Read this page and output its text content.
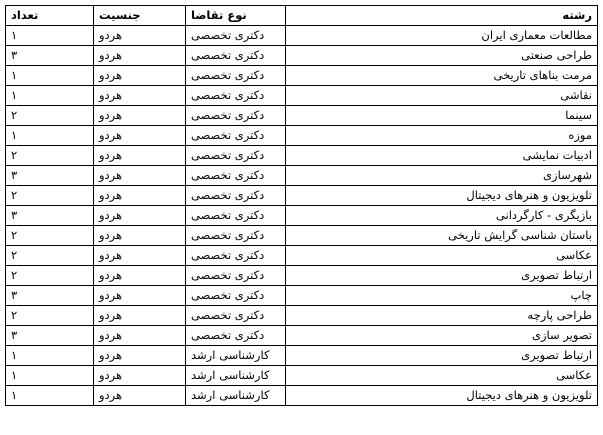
رشته	نوع تقاضا	جنسیت	تعداد
مطالعات معماری ایران	دکتری تخصصی	هردو	۱
طراحی صنعتی	دکتری تخصصی	هردو	۳
مرمت بناهای تاریخی	دکتری تخصصی	هردو	۱
نقاشی	دکتری تخصصی	هردو	۱
سینما	دکتری تخصصی	هردو	۲
موزه	دکتری تخصصی	هردو	۱
ادبیات نمایشی	دکتری تخصصی	هردو	۲
شهرسازی	دکتری تخصصی	هردو	۳
تلویزیون و هنرهای دیجیتال	دکتری تخصصی	هردو	۲
بازیگری - کارگردانی	دکتری تخصصی	هردو	۳
باستان شناسی گرایش تاریخی	دکتری تخصصی	هردو	۲
عکاسی	دکتری تخصصی	هردو	۲
ارتباط تصویری	دکتری تخصصی	هردو	۲
چاپ	دکتری تخصصی	هردو	۳
طراحی پارچه	دکتری تخصصی	هردو	۲
تصویر سازی	دکتری تخصصی	هردو	۳
ارتباط تصویری	کارشناسی ارشد	هردو	۱
عکاسی	کارشناسی ارشد	هردو	۱
تلویزیون و هنرهای دیجیتال	کارشناسی ارشد	هردو	۱
